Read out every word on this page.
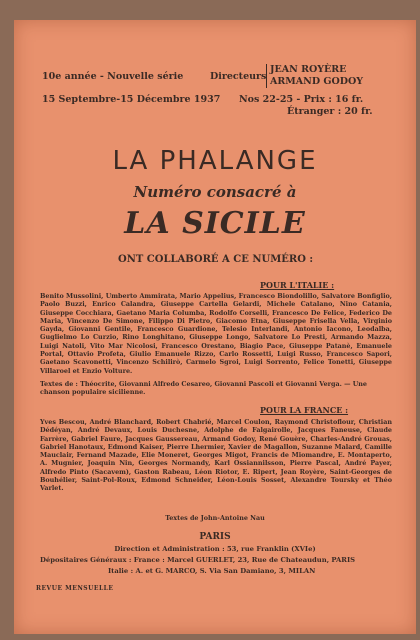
10e année - Nouvelle série	Directeurs
JEAN ROYÈRE
ARMAND GODOY
15 Septembre-15 Décembre 1937 Nos 22-25 - Prix : 16 fr.
Étranger : 20 fr.
LA PHALANGE
Numéro consacré à
LA SICILE
ONT COLLABORÉ A CE NUMÉRO :
POUR L'ITALIE :
Benito Mussolini, Umberto Ammirata, Mario Appelius, Francesco Biondolillo, Salvatore Bonfiglio, Paolo Buzzi, Enrico Calandra, Giuseppe Cartella Gelardi, Michele Catalano, Nino Catania, Giuseppe Cocchiara, Gaetano Maria Columba, Rodolfo Corselli, Francesco De Felice, Federico De Maria, Vincenzo De Simone, Filippo Di Pietro, Giacomo Etna, Giuseppe Frisella Vella, Virginio Gayda, Giovanni Gentile, Francesco Guardione, Telesio Interlandi, Antonio Iacono, Leodalba, Guglielmo Lo Curzio, Rino Longhitano, Giuseppe Longo, Salvatore Lo Presti, Armando Mazza, Luigi Natoli, Vito Mar Nicolosi, Francesco Orestano, Biagio Pace, Giuseppe Patanè, Emanuele Portal, Ottavio Profeta, Giulio Emanuele Rizzo, Carlo Rossetti, Luigi Russo, Francesco Sapori, Gaetano Scavonetti, Vincenzo Schilirò, Carmelo Sgroi, Luigi Sorrento, Felice Tonetti, Giuseppe Villaroel et Enzio Volture.
Textes de : Théocrite, Giovanni Alfredo Cesareo, Giovanni Pascoli et Giovanni Verga. — Une chanson populaire sicilienne.
POUR LA FRANCE :
Yves Bescou, André Blanchard, Robert Chabrié, Marcel Coulon, Raymond Christoflour, Christian Dédéyan, André Devaux, Louis Duchesne, Adolphe de Falgairolle, Jacques Faneuse, Claude Farrère, Gabriel Faure, Jacques Gaussereau, Armand Godoy, René Gouère, Charles-André Grouas, Gabriel Hanotaux, Edmond Kaiser, Pierre Lhermier, Xavier de Magallon, Suzanne Malard, Camille Mauclair, Fernand Mazade, Elie Moneret, Georges Migot, Francis de Miomandre, E. Montaperto, A. Mugnier, Joaquin Nin, Georges Normandy, Karl Ossiannilsson, Pierre Pascal, André Payer, Alfredo Pinto (Sacavem), Gaston Rabeau, Léon Riotor, E. Ripert, Jean Royère, Saint-Georges de Bouhélier, Saint-Pol-Roux, Edmond Schneider, Léon-Louis Sosset, Alexandre Toursky et Théo Varlet.
Textes de John-Antoine Nau
PARIS
Direction et Administration : 53, rue Franklin (XVIe)
Dépositaires Généraux : France : Marcel GUERLET, 23, Rue de Chateaudun, PARIS
Italie : A. et G. MARCO, S. Via San Damiano, 3, MILAN
REVUE MENSUELLE
